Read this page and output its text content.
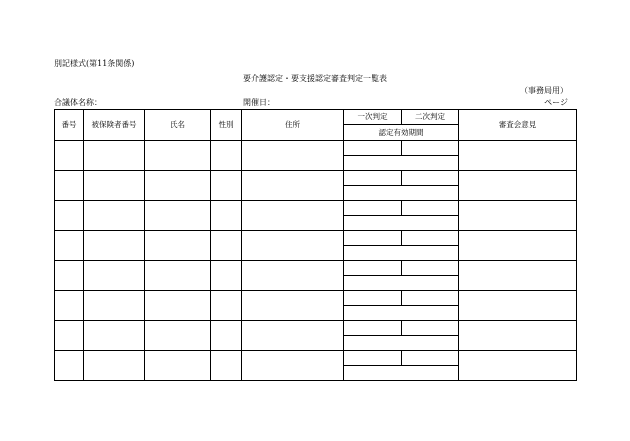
別記様式(第11条関係)
要介護認定・要支援認定審査判定一覧表
（事務局用）
合議体名称：	開催日：	ページ
番号	被保険者番号	氏名	性別	住所	一次判定	二次判定	審査会意見
					認定有効期間		
